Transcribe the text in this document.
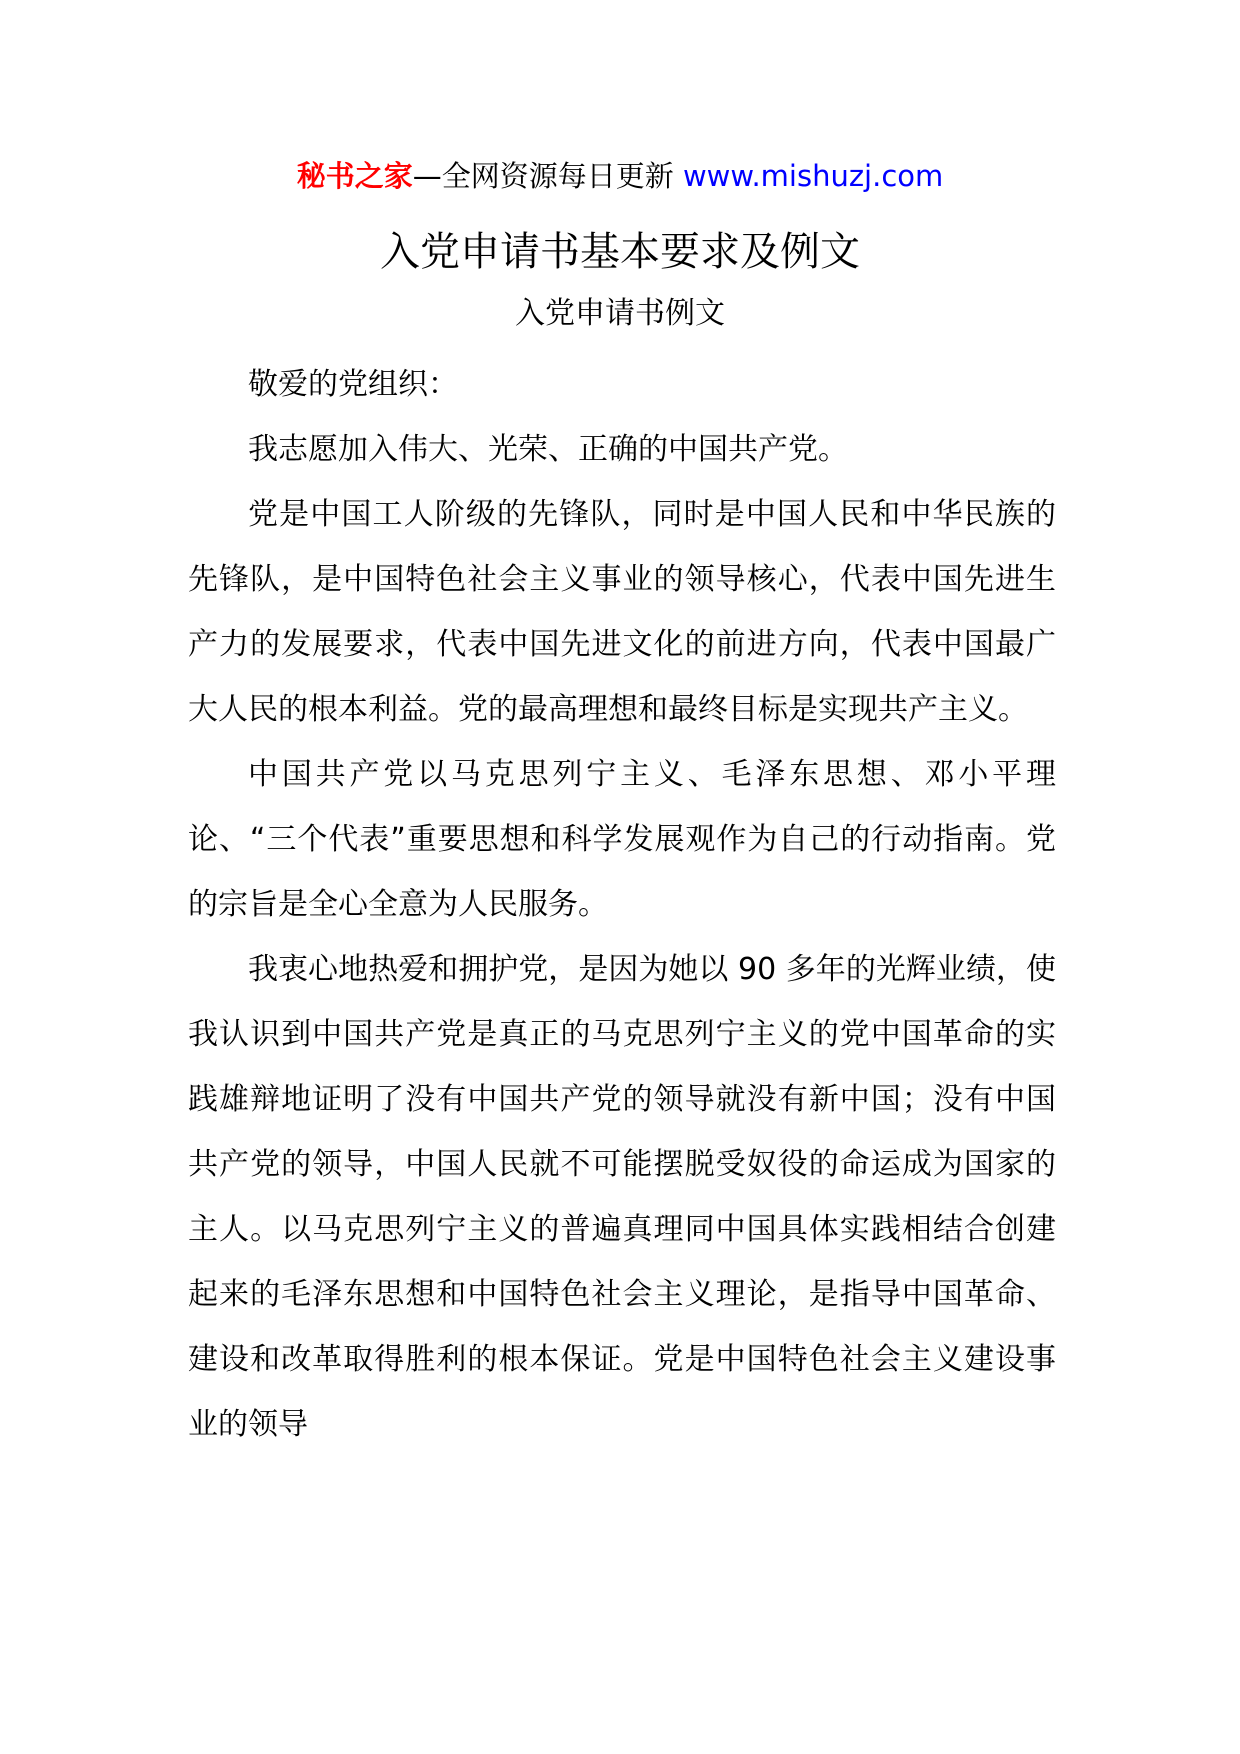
秘书之家—全网资源每日更新 www.mishuzj.com
入党申请书基本要求及例文
入党申请书例文

敬爱的党组织：

我志愿加入伟大、光荣、正确的中国共产党。

党是中国工人阶级的先锋队，同时是中国人民和中华民族的先锋队，是中国特色社会主义事业的领导核心，代表中国先进生产力的发展要求，代表中国先进文化的前进方向，代表中国最广大人民的根本利益。党的最高理想和最终目标是实现共产主义。

中国共产党以马克思列宁主义、毛泽东思想、邓小平理论、“三个代表”重要思想和科学发展观作为自己的行动指南。党的宗旨是全心全意为人民服务。

我衷心地热爱和拥护党，是因为她以 90 多年的光辉业绩，使我认识到中国共产党是真正的马克思列宁主义的党中国革命的实践雄辩地证明了没有中国共产党的领导就没有新中国；没有中国共产党的领导，中国人民就不可能摆脱受奴役的命运成为国家的主人。以马克思列宁主义的普遍真理同中国具体实践相结合创建起来的毛泽东思想和中国特色社会主义理论，是指导中国革命、建设和改革取得胜利的根本保证。党是中国特色社会主义建设事业的领导
